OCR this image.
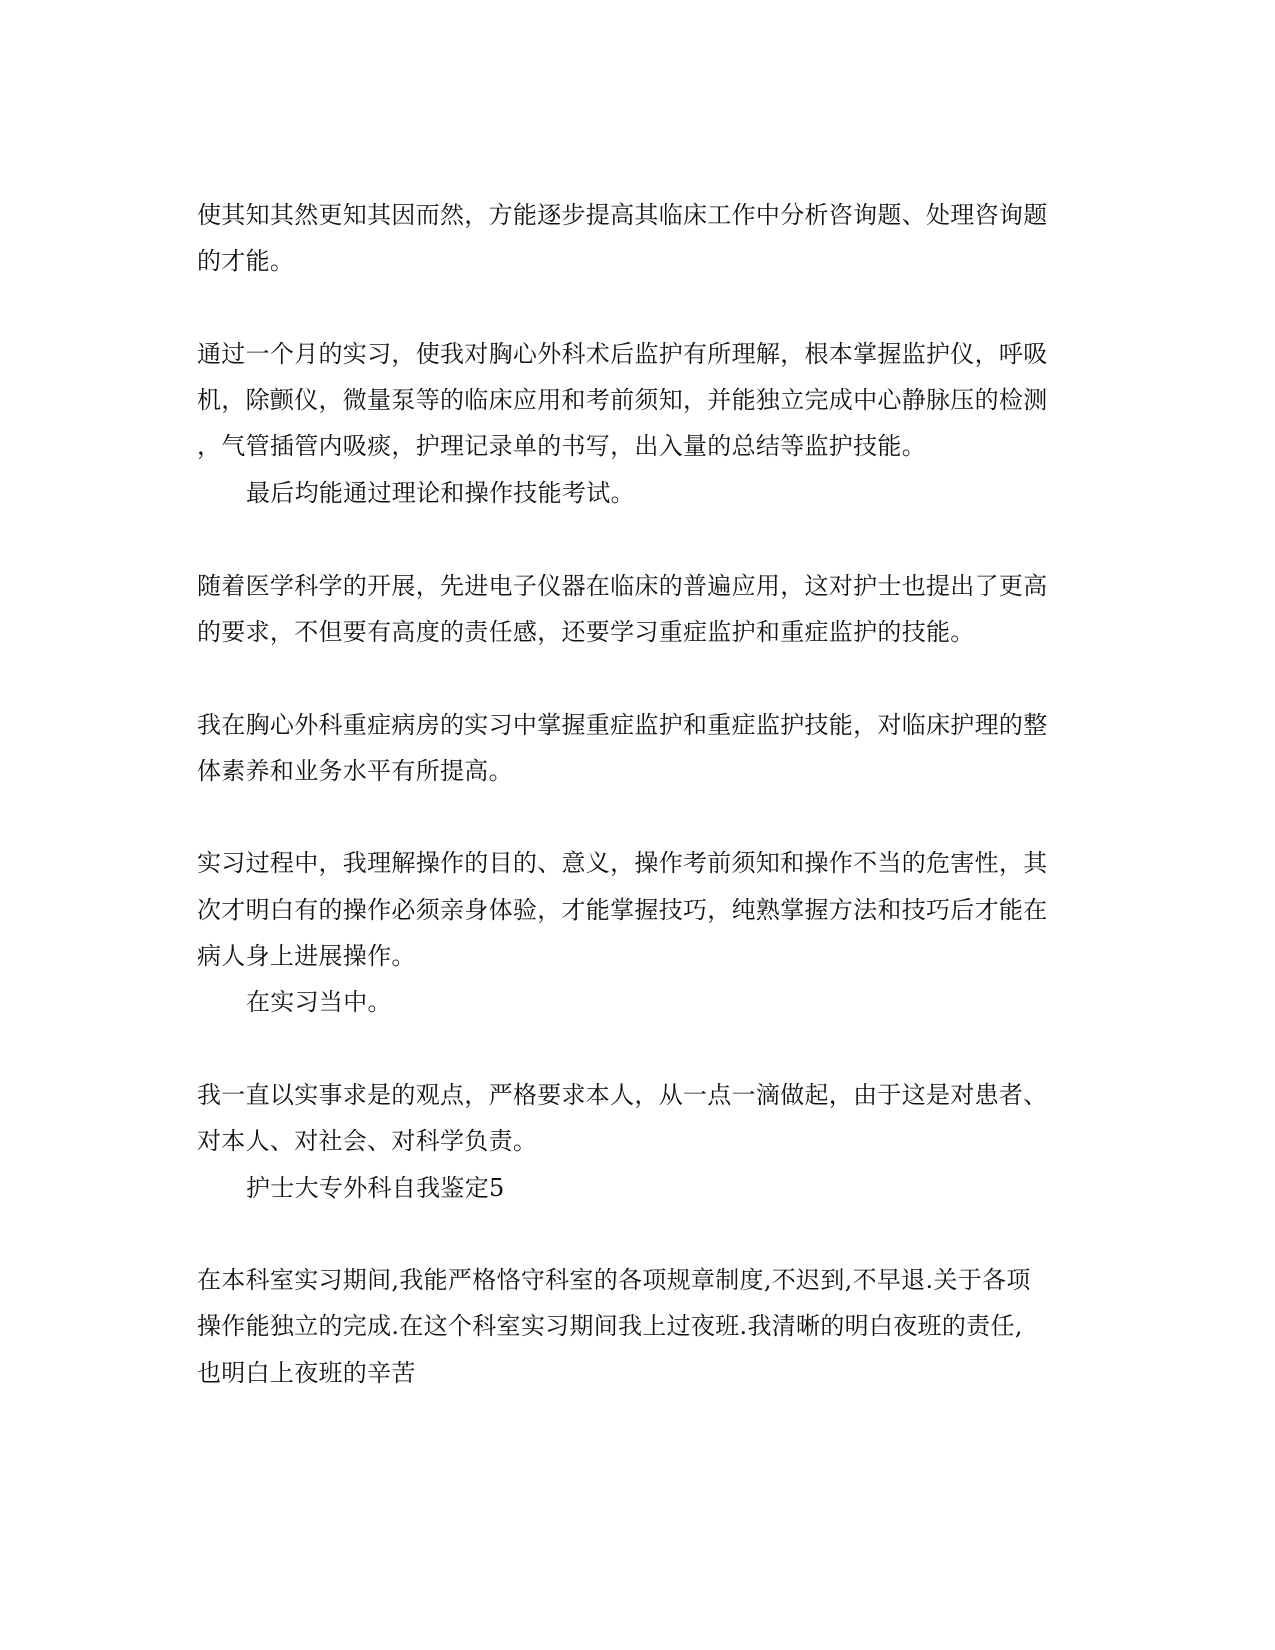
使其知其然更知其因而然，方能逐步提高其临床工作中分析咨询题、处理咨询题
的才能。
通过一个月的实习，使我对胸心外科术后监护有所理解，根本掌握监护仪，呼吸
机，除颤仪，微量泵等的临床应用和考前须知，并能独立完成中心静脉压的检测
，气管插管内吸痰，护理记录单的书写，出入量的总结等监护技能。
最后均能通过理论和操作技能考试。
随着医学科学的开展，先进电子仪器在临床的普遍应用，这对护士也提出了更高
的要求，不但要有高度的责任感，还要学习重症监护和重症监护的技能。
我在胸心外科重症病房的实习中掌握重症监护和重症监护技能，对临床护理的整
体素养和业务水平有所提高。
实习过程中，我理解操作的目的、意义，操作考前须知和操作不当的危害性，其
次才明白有的操作必须亲身体验，才能掌握技巧，纯熟掌握方法和技巧后才能在
病人身上进展操作。
在实习当中。
我一直以实事求是的观点，严格要求本人，从一点一滴做起，由于这是对患者、
对本人、对社会、对科学负责。
护士大专外科自我鉴定5
在本科室实习期间,我能严格恪守科室的各项规章制度,不迟到,不早退.关于各项
操作能独立的完成.在这个科室实习期间我上过夜班.我清晰的明白夜班的责任,
也明白上夜班的辛苦
